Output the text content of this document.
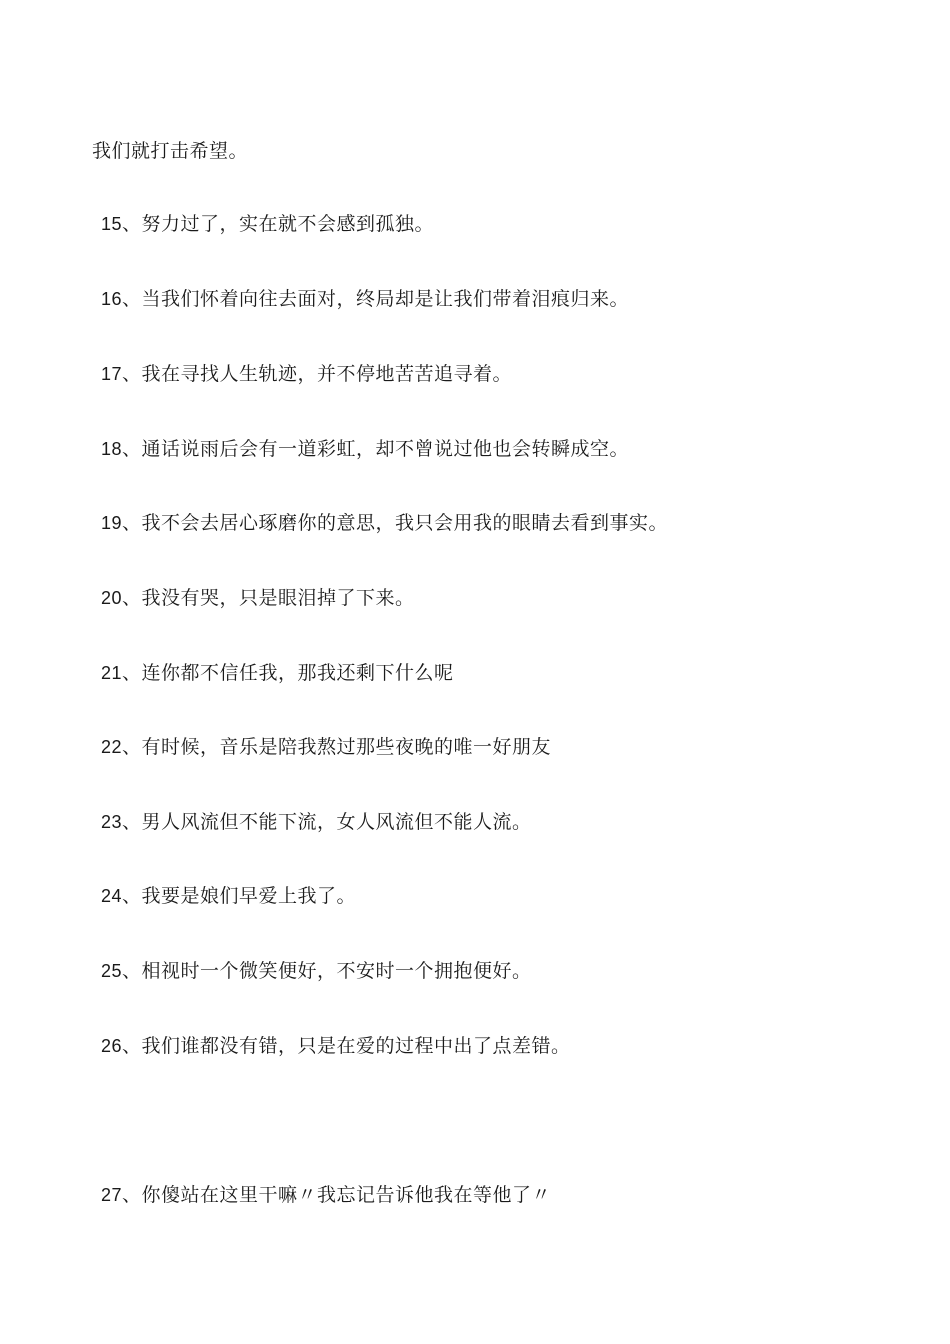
我们就打击希望。
15、努力过了，实在就不会感到孤独。
16、当我们怀着向往去面对，终局却是让我们带着泪痕归来。
17、我在寻找人生轨迹，并不停地苦苦追寻着。
18、通话说雨后会有一道彩虹，却不曾说过他也会转瞬成空。
19、我不会去居心琢磨你的意思，我只会用我的眼睛去看到事实。
20、我没有哭，只是眼泪掉了下来。
21、连你都不信任我，那我还剩下什么呢
22、有时候，音乐是陪我熬过那些夜晚的唯一好朋友
23、男人风流但不能下流，女人风流但不能人流。
24、我要是娘们早爱上我了。
25、相视时一个微笑便好，不安时一个拥抱便好。
26、我们谁都没有错，只是在爱的过程中出了点差错。
27、你傻站在这里干嘛〃我忘记告诉他我在等他了〃
